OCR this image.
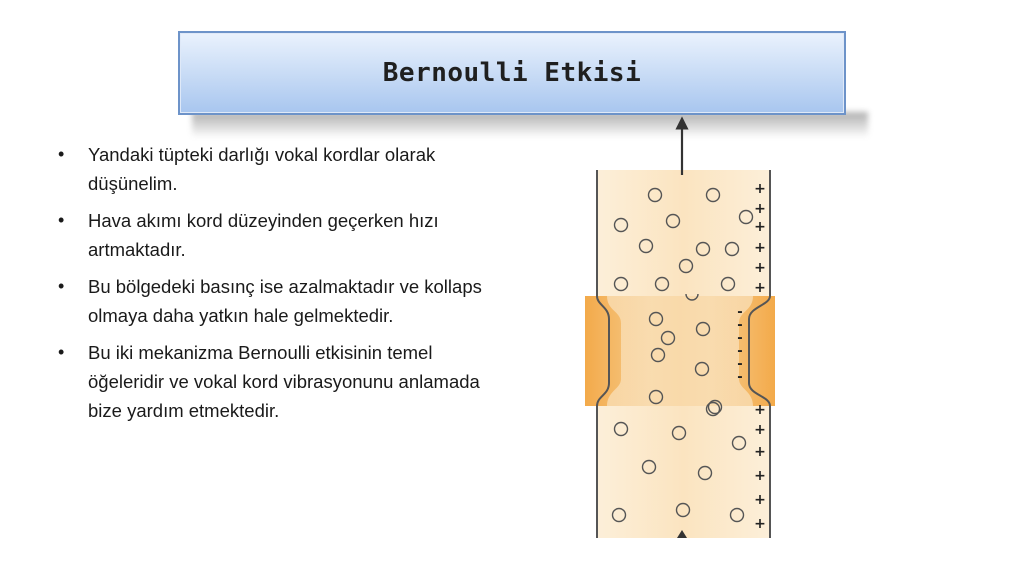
Bernoulli Etkisi
• Yandaki tüpteki darlığı vokal kordlar olarak düşünelim.
• Hava akımı kord düzeyinden geçerken hızı artmaktadır.
• Bu bölgedeki basınç ise azalmaktadır ve kollaps olmaya daha yatkın hale gelmektedir.
• Bu iki mekanizma Bernoulli etkisinin temel öğeleridir ve vokal kord vibrasyonunu anlamada bize yardım etmektedir.
+
+
+
+
+
+
+
+
+
+
+
+
-
-
-
-
-
-
